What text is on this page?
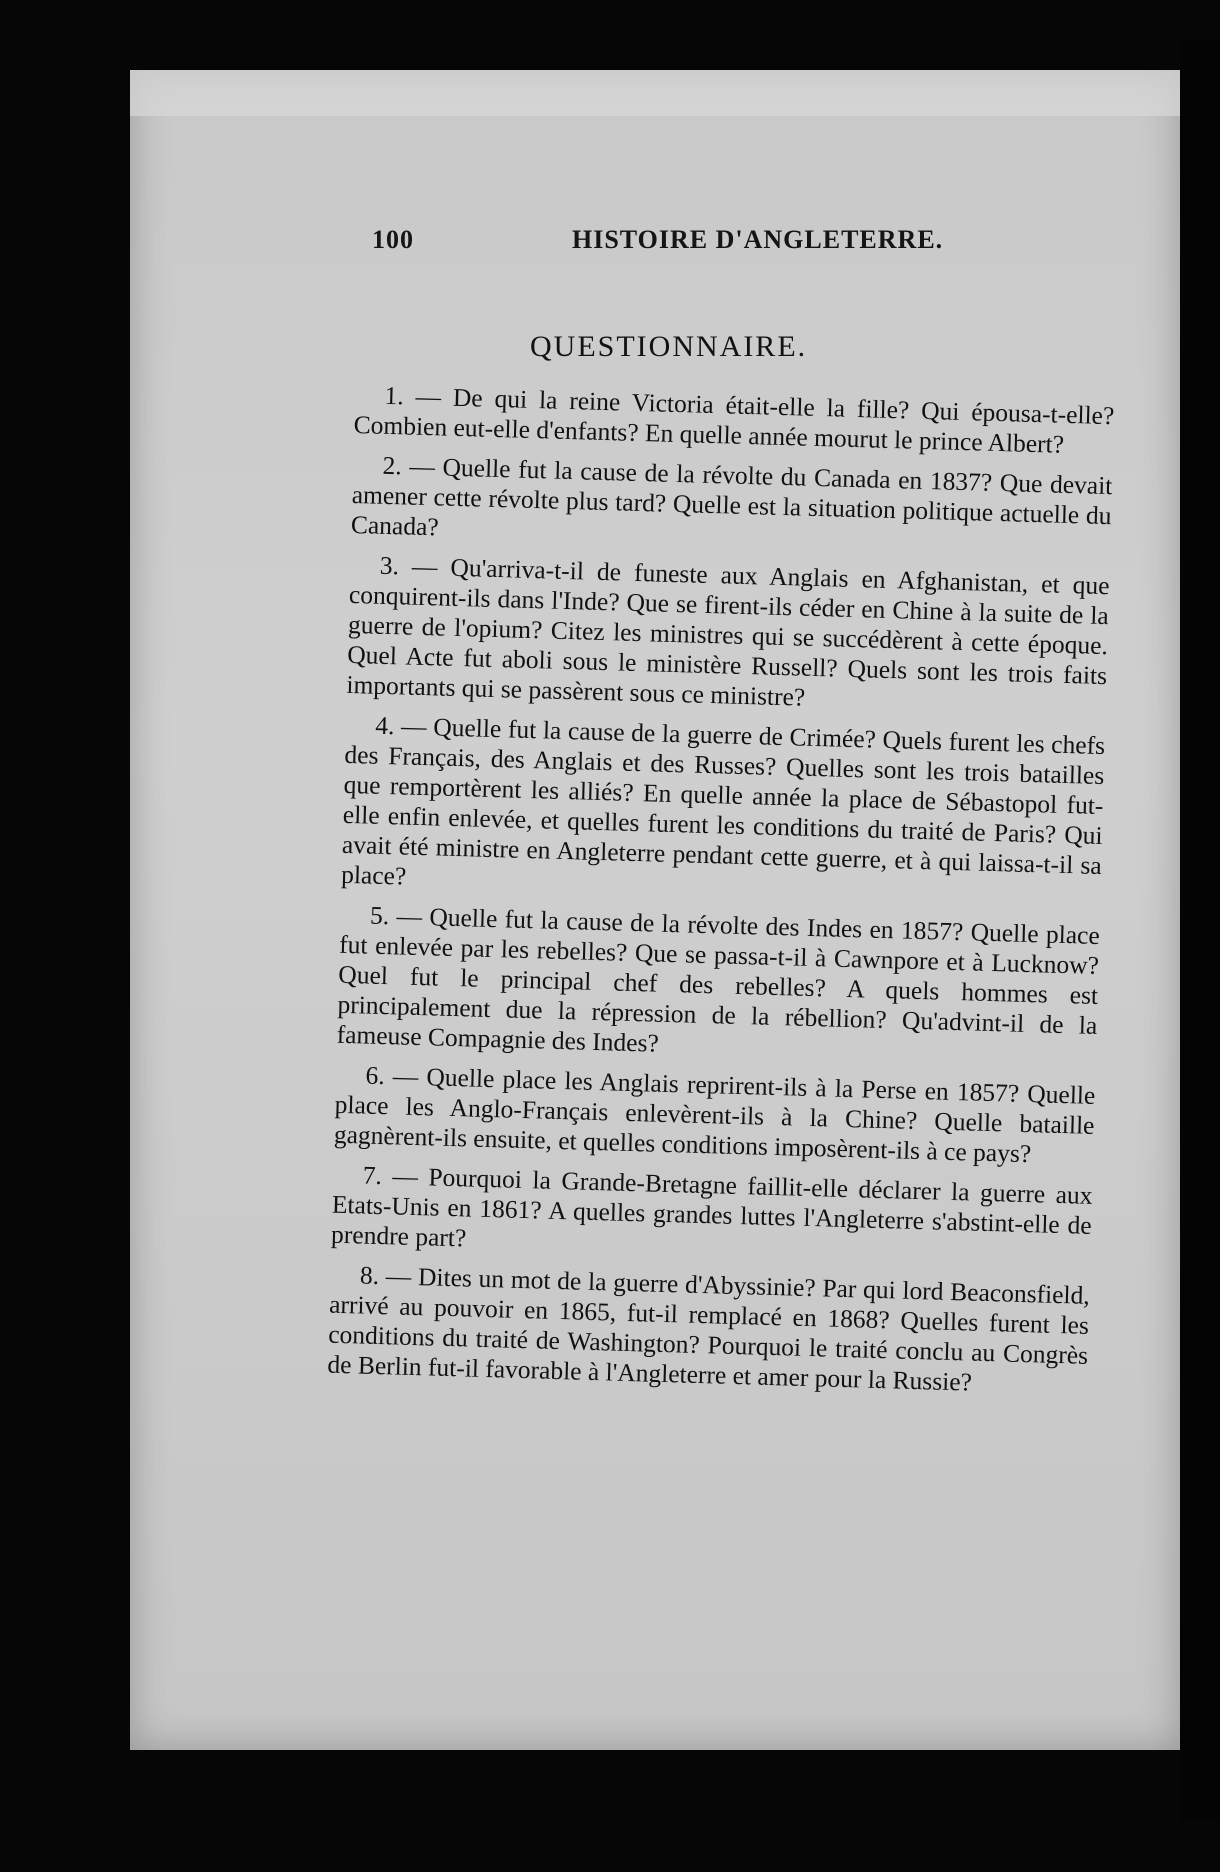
100	HISTOIRE D'ANGLETERRE.
QUESTIONNAIRE.

1. — De qui la reine Victoria était-elle la fille? Qui épousa-t-elle? Combien eut-elle d'enfants? En quelle année mourut le prince Albert?

2. — Quelle fut la cause de la révolte du Canada en 1837? Que devait amener cette révolte plus tard? Quelle est la situation politique actuelle du Canada?

3. — Qu'arriva-t-il de funeste aux Anglais en Afghanistan, et que conquirent-ils dans l'Inde? Que se firent-ils céder en Chine à la suite de la guerre de l'opium? Citez les ministres qui se succédèrent à cette époque. Quel Acte fut aboli sous le ministère Russell? Quels sont les trois faits importants qui se passèrent sous ce ministre?

4. — Quelle fut la cause de la guerre de Crimée? Quels furent les chefs des Français, des Anglais et des Russes? Quelles sont les trois batailles que remportèrent les alliés? En quelle année la place de Sébastopol fut-elle enfin enlevée, et quelles furent les conditions du traité de Paris? Qui avait été ministre en Angleterre pendant cette guerre, et à qui laissa-t-il sa place?

5. — Quelle fut la cause de la révolte des Indes en 1857? Quelle place fut enlevée par les rebelles? Que se passa-t-il à Cawnpore et à Lucknow? Quel fut le principal chef des rebelles? A quels hommes est principalement due la répression de la rébellion? Qu'advint-il de la fameuse Compagnie des Indes?

6. — Quelle place les Anglais reprirent-ils à la Perse en 1857? Quelle place les Anglo-Français enlevèrent-ils à la Chine? Quelle bataille gagnèrent-ils ensuite, et quelles conditions imposèrent-ils à ce pays?

7. — Pourquoi la Grande-Bretagne faillit-elle déclarer la guerre aux Etats-Unis en 1861? A quelles grandes luttes l'Angleterre s'abstint-elle de prendre part?

8. — Dites un mot de la guerre d'Abyssinie? Par qui lord Beaconsfield, arrivé au pouvoir en 1865, fut-il remplacé en 1868? Quelles furent les conditions du traité de Washington? Pourquoi le traité conclu au Congrès de Berlin fut-il favorable à l'Angleterre et amer pour la Russie?
